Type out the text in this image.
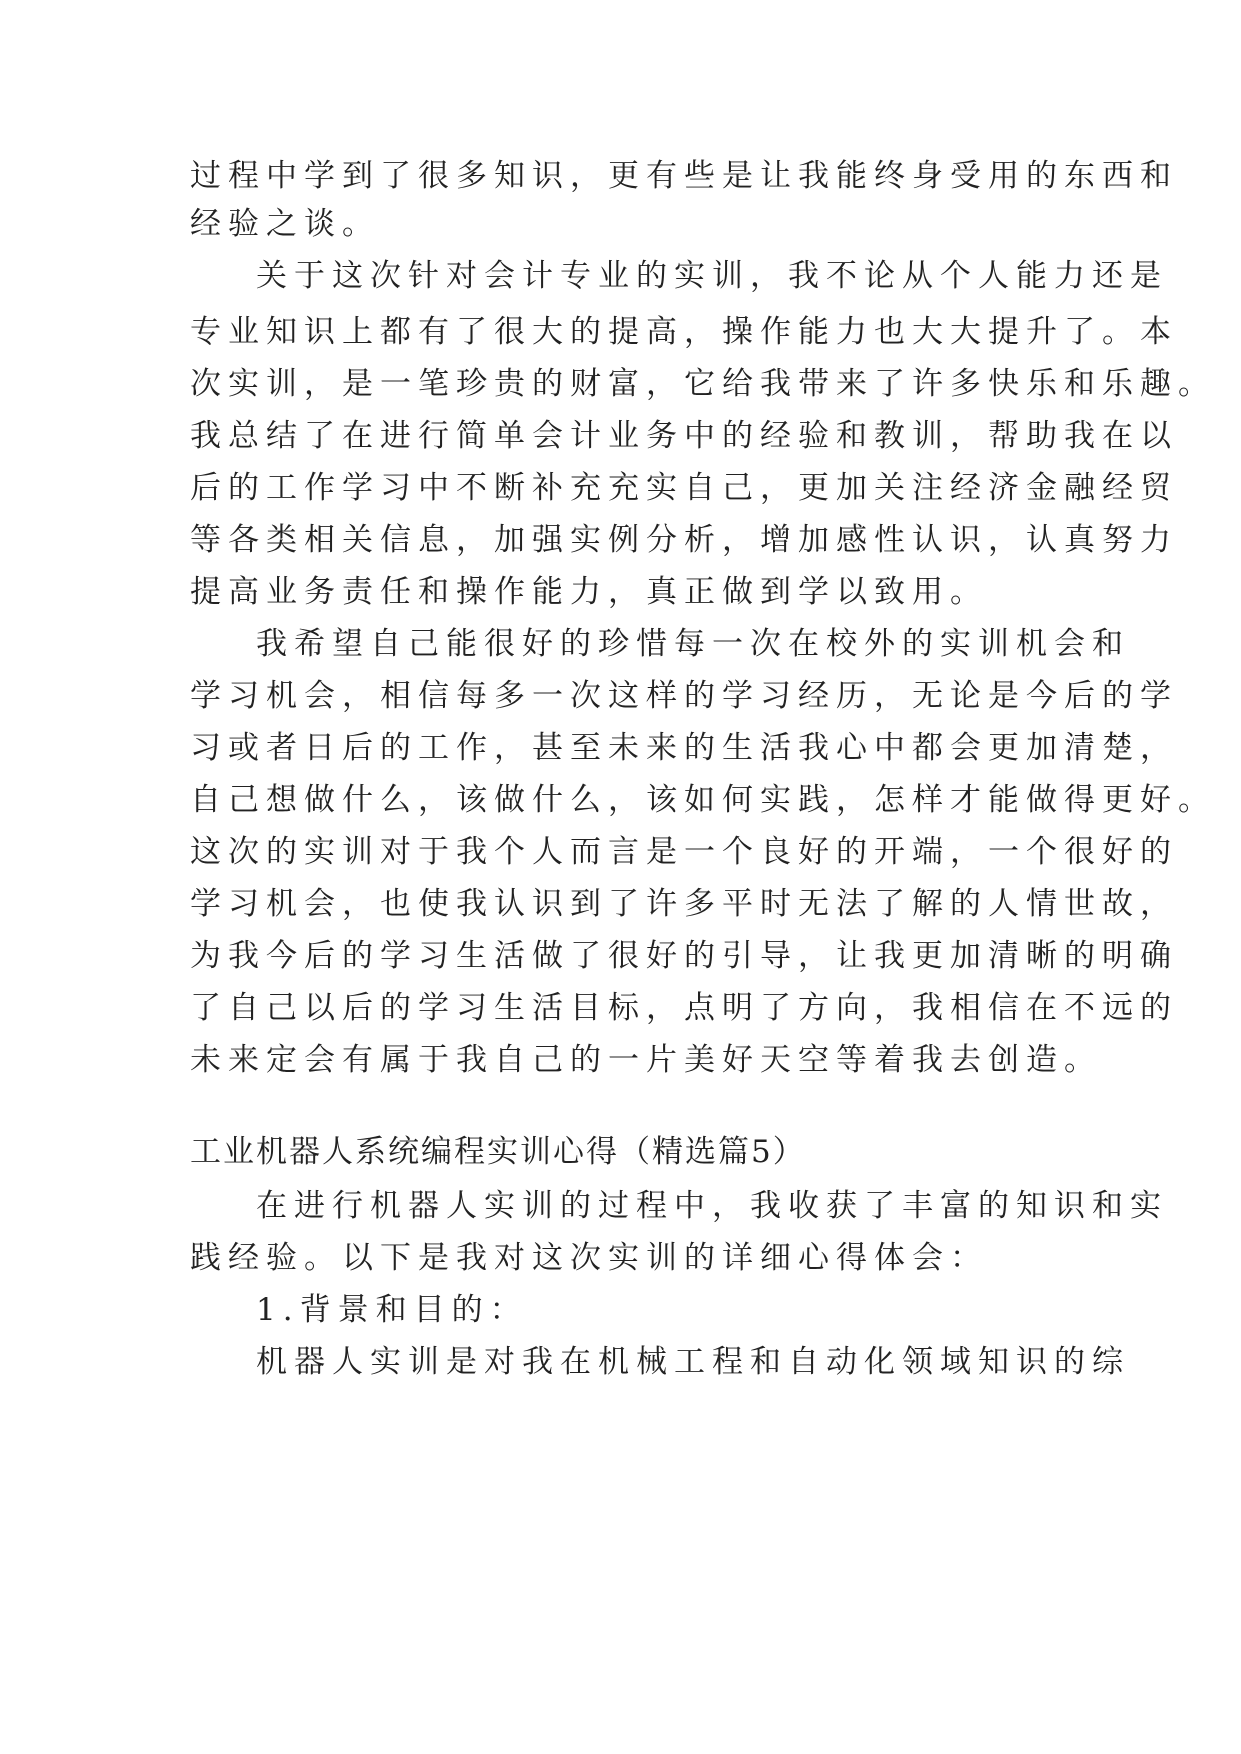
过程中学到了很多知识，更有些是让我能终身受用的东西和
经验之谈。
关于这次针对会计专业的实训，我不论从个人能力还是
专业知识上都有了很大的提高，操作能力也大大提升了。本
次实训，是一笔珍贵的财富，它给我带来了许多快乐和乐趣。
我总结了在进行简单会计业务中的经验和教训，帮助我在以
后的工作学习中不断补充充实自己，更加关注经济金融经贸
等各类相关信息，加强实例分析，增加感性认识，认真努力
提高业务责任和操作能力，真正做到学以致用。
我希望自己能很好的珍惜每一次在校外的实训机会和
学习机会，相信每多一次这样的学习经历，无论是今后的学
习或者日后的工作，甚至未来的生活我心中都会更加清楚，
自己想做什么，该做什么，该如何实践，怎样才能做得更好。
这次的实训对于我个人而言是一个良好的开端，一个很好的
学习机会，也使我认识到了许多平时无法了解的人情世故，
为我今后的学习生活做了很好的引导，让我更加清晰的明确
了自己以后的学习生活目标，点明了方向，我相信在不远的
未来定会有属于我自己的一片美好天空等着我去创造。
工业机器人系统编程实训心得（精选篇5）
在进行机器人实训的过程中，我收获了丰富的知识和实
践经验。以下是我对这次实训的详细心得体会：
1.背景和目的：
机器人实训是对我在机械工程和自动化领域知识的综
